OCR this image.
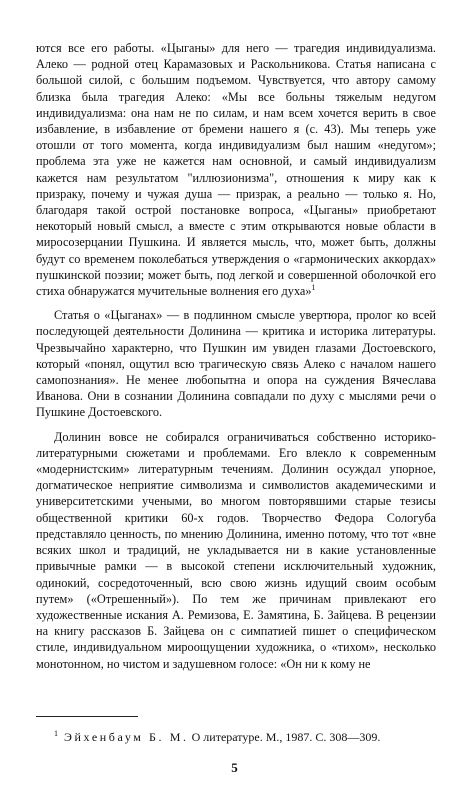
ются все его работы. «Цыганы» для него — трагедия индивидуализма. Алеко — родной отец Карамазовых и Раскольникова. Статья написана с большой силой, с большим подъемом. Чувствуется, что автору самому близка была трагедия Алеко: «Мы все больны тяжелым недугом индивидуализма: она нам не по силам, и нам всем хочется верить в свое избавление, в избавление от бремени нашего я (с. 43). Мы теперь уже отошли от того момента, когда индивидуализм был нашим «недугом»; проблема эта уже не кажется нам основной, и самый индивидуализм кажется нам результатом "иллюзионизма", отношения к миру как к призраку, почему и чужая душа — призрак, а реально — только я. Но, благодаря такой острой постановке вопроса, «Цыганы» приобретают некоторый новый смысл, а вместе с этим открываются новые области в миросозерцании Пушкина. И является мысль, что, может быть, должны будут со временем поколебаться утверждения о «гармонических аккордах» пушкинской поэзии; может быть, под легкой и совершенной оболочкой его стиха обнаружатся мучительные волнения его духа»$^1$

Статья о «Цыганах» — в подлинном смысле увертюра, пролог ко всей последующей деятельности Долинина — критика и историка литературы. Чрезвычайно характерно, что Пушкин им увиден глазами Достоевского, который «понял, ощутил всю трагическую связь Алеко с началом нашего самопознания». Не менее любопытна и опора на суждения Вячеслава Иванова. Они в сознании Долинина совпадали по духу с мыслями речи о Пушкине Достоевского.

Долинин вовсе не собирался ограничиваться собственно историко-литературными сюжетами и проблемами. Его влекло к современным «модернистским» литературным течениям. Долинин осуждал упорное, догматическое неприятие символизма и символистов академическими и университетскими учеными, во многом повторявшими старые тезисы общественной критики 60-х годов. Творчество Федора Сологуба представляло ценность, по мнению Долинина, именно потому, что тот «вне всяких школ и традиций, не укладывается ни в какие установленные привычные рамки — в высокой степени исключительный художник, одинокий, сосредоточенный, всю свою жизнь идущий своим особым путем» («Отрешенный»). По тем же причинам привлекают его художественные искания А. Ремизова, Е. Замятина, Б. Зайцева. В рецензии на книгу рассказов Б. Зайцева он с симпатией пишет о специфическом стиле, индивидуальном мироощущении художника, о «тихом», несколько монотонном, но чистом и задушевном голосе: «Он ни к кому не

$^1$ Эйхенбаум Б. М. О литературе. М., 1987. С. 308—309.
5
